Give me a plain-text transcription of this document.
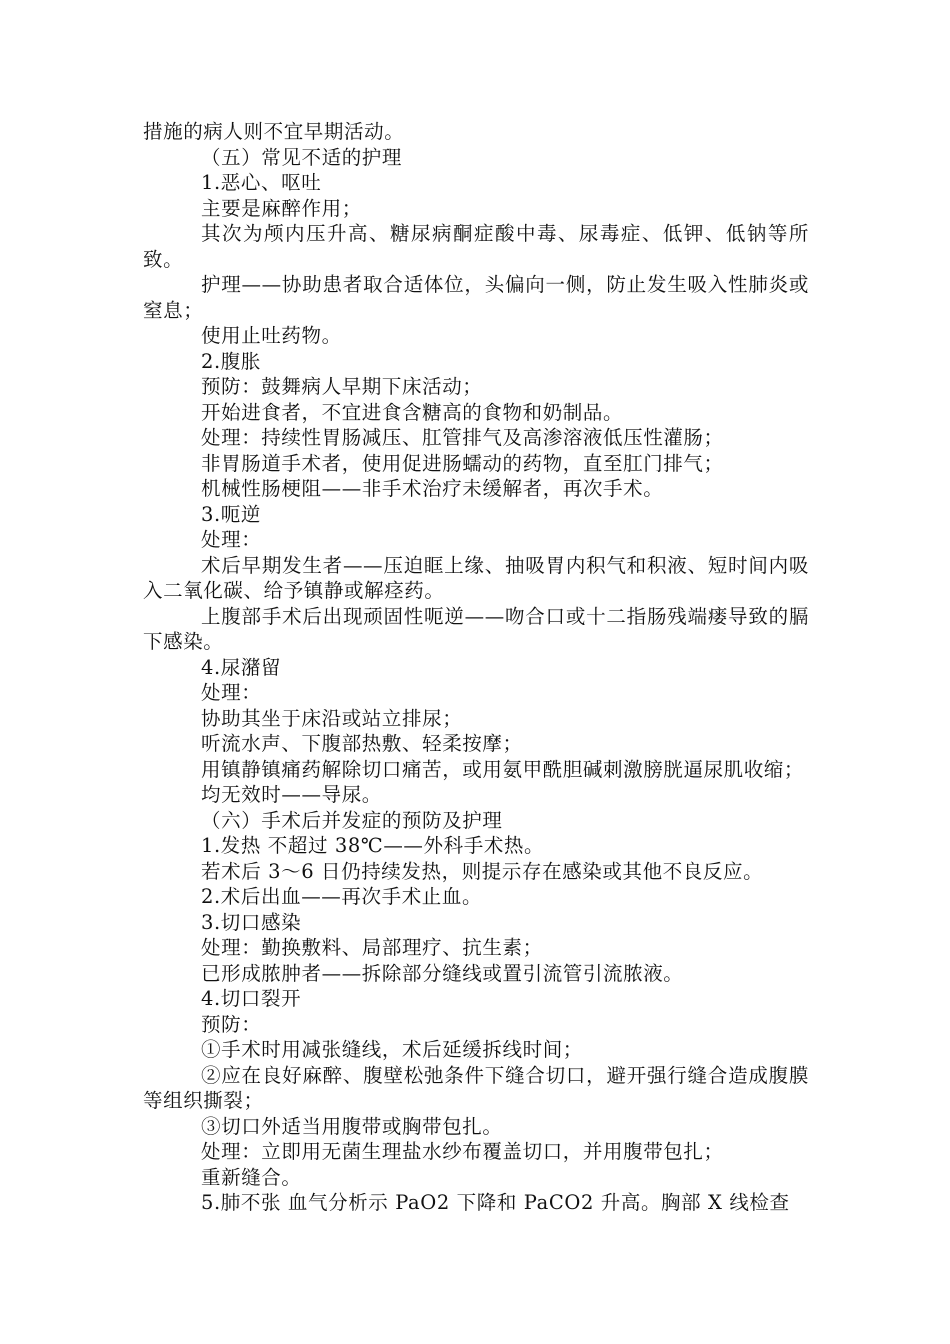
措施的病人则不宜早期活动。

（五）常见不适的护理

1.恶心、呕吐

主要是麻醉作用；

其次为颅内压升高、糖尿病酮症酸中毒、尿毒症、低钾、低钠等所致。

护理——协助患者取合适体位，头偏向一侧，防止发生吸入性肺炎或窒息；

使用止吐药物。

2.腹胀

预防：鼓舞病人早期下床活动；

开始进食者，不宜进食含糖高的食物和奶制品。

处理：持续性胃肠减压、肛管排气及高渗溶液低压性灌肠；

非胃肠道手术者，使用促进肠蠕动的药物，直至肛门排气；

机械性肠梗阻——非手术治疗未缓解者，再次手术。

3.呃逆

处理：

术后早期发生者——压迫眶上缘、抽吸胃内积气和积液、短时间内吸入二氧化碳、给予镇静或解痉药。

上腹部手术后出现顽固性呃逆——吻合口或十二指肠残端瘘导致的膈下感染。

4.尿潴留

处理：

协助其坐于床沿或站立排尿；

听流水声、下腹部热敷、轻柔按摩；

用镇静镇痛药解除切口痛苦，或用氨甲酰胆碱刺激膀胱逼尿肌收缩；

均无效时——导尿。

（六）手术后并发症的预防及护理

1.发热 不超过 38℃——外科手术热。

若术后 3～6 日仍持续发热，则提示存在感染或其他不良反应。

2.术后出血——再次手术止血。

3.切口感染

处理：勤换敷料、局部理疗、抗生素；

已形成脓肿者——拆除部分缝线或置引流管引流脓液。

4.切口裂开

预防：

①手术时用减张缝线，术后延缓拆线时间；

②应在良好麻醉、腹壁松弛条件下缝合切口，避开强行缝合造成腹膜等组织撕裂；

③切口外适当用腹带或胸带包扎。

处理：立即用无菌生理盐水纱布覆盖切口，并用腹带包扎；

重新缝合。

5.肺不张 血气分析示 PaO2 下降和 PaCO2 升高。胸部 X 线检查
